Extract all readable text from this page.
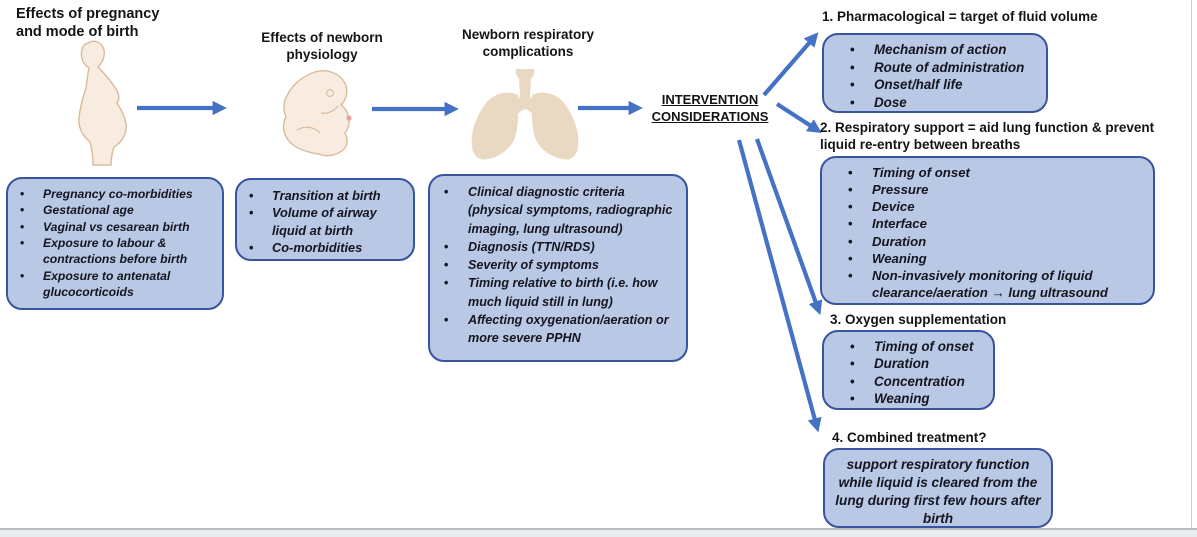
Effects of pregnancy
and mode of birth	Effects of newborn physiology
Newborn respiratory complications
INTERVENTION
CONSIDERATIONS
• Pregnancy co-morbidities
• Gestational age
• Vaginal vs cesarean birth
• Exposure to labour & contractions before birth
• Exposure to antenatal glucocorticoids
• Transition at birth
• Volume of airway liquid at birth
• Co-morbidities
• Clinical diagnostic criteria (physical symptoms, radiographic imaging, lung ultrasound)
• Diagnosis (TTN/RDS)
• Severity of symptoms
• Timing relative to birth (i.e. how much liquid still in lung)
• Affecting oxygenation/aeration or more severe PPHN
1. Pharmacological = target of fluid volume
• Mechanism of action
• Route of administration
• Onset/half life
• Dose
2. Respiratory support = aid lung function & prevent
liquid re-entry between breaths
• Timing of onset
• Pressure
• Device
• Interface
• Duration
• Weaning
• Non-invasively monitoring of liquid clearance/aeration → lung ultrasound
3. Oxygen supplementation
• Timing of onset
• Duration
• Concentration
• Weaning
4. Combined treatment?
support respiratory function while liquid is cleared from the lung during first few hours after birth
